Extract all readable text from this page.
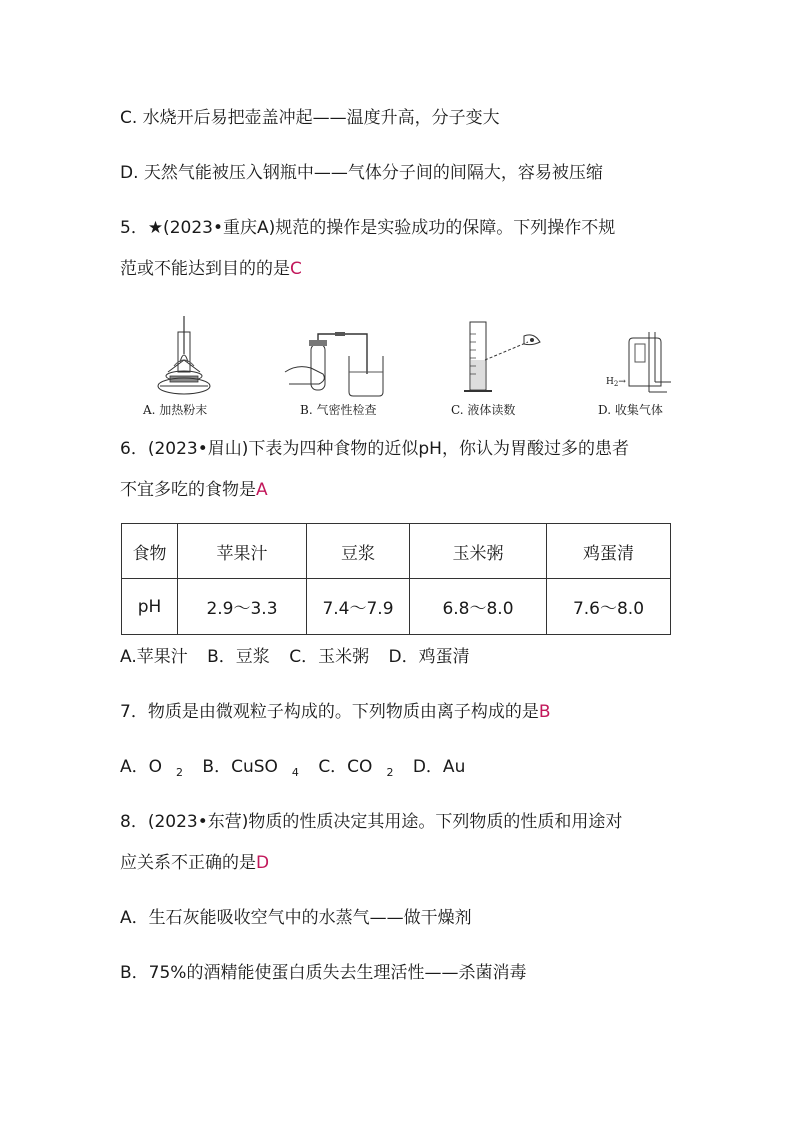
C. 水烧开后易把壶盖冲起——温度升高，分子变大
D. 天然气能被压入钢瓶中——气体分子间的间隔大，容易被压缩
5．★(2023•重庆A)规范的操作是实验成功的保障。下列操作不规
范或不能达到目的的是C
A. 加热粉末	B. 气密性检查	C. 液体读数
$H_2\to$
D. 收集气体
6．(2023•眉山)下表为四种食物的近似pH，你认为胃酸过多的患者
不宜多吃的食物是A
食物	苹果汁	豆浆	玉米粥	鸡蛋清
pH	2.9～3.3	7.4～7.9	6.8～8.0	7.6～8.0
A.苹果汁 B．豆浆 C．玉米粥 D．鸡蛋清
7．物质是由微观粒子构成的。下列物质由离子构成的是B
A．O $_2$ B．CuSO $_4$ C．CO $_2$ D．Au
8．(2023•东营)物质的性质决定其用途。下列物质的性质和用途对
应关系不正确的是D
A．生石灰能吸收空气中的水蒸气——做干燥剂
B．75%的酒精能使蛋白质失去生理活性——杀菌消毒
